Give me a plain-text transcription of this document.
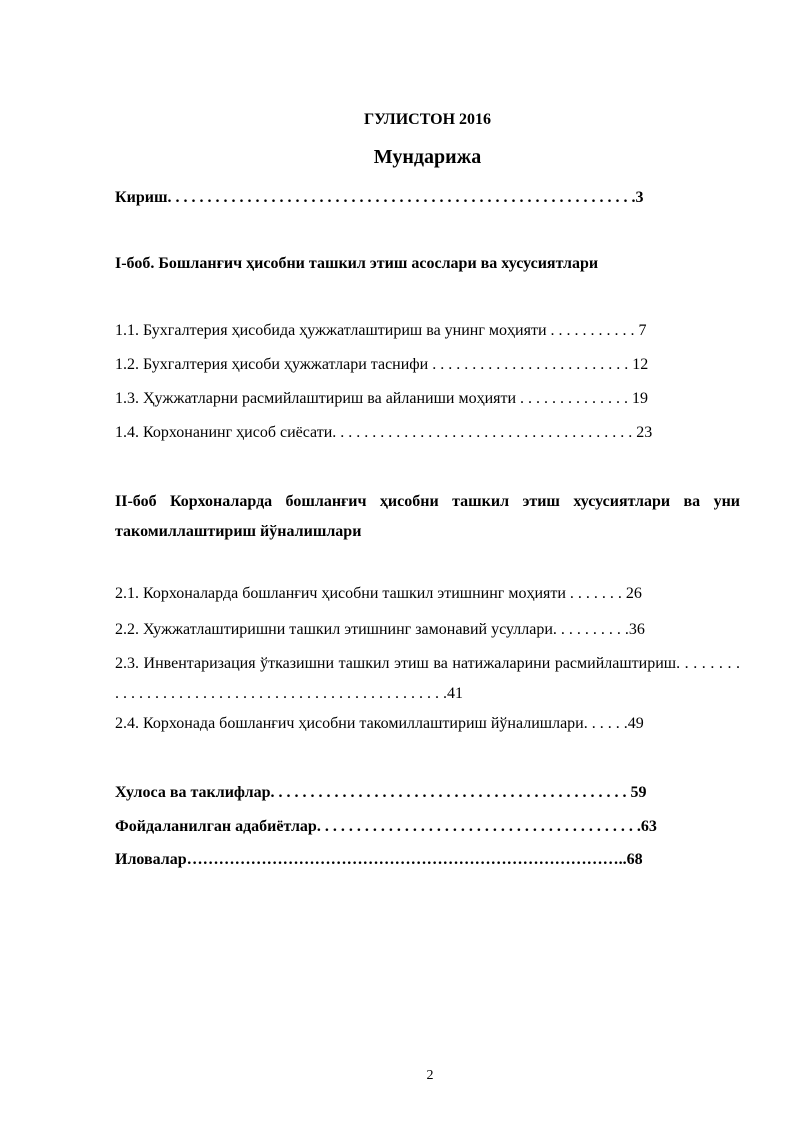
ГУЛИСТОН 2016
Мундарижа
Кириш. . . . . . . . . . . . . . . . . . . . . . . . . . . . . . . . . . . . . . . . . . . . . . . . . . . . . . . . . . .3
I-боб. Бошланғич ҳисобни ташкил этиш асослари ва хусусиятлари
1.1. Бухгалтерия ҳисобида ҳужжатлаштириш ва унинг моҳияти . . . . . . . . . . . 7
1.2. Бухгалтерия ҳисоби ҳужжатлари таснифи . . . . . . . . . . . . . . . . . . . . . . . . . 12
1.3. Ҳужжатларни расмийлаштириш ва айланиши моҳияти . . . . . . . . . . . . . . 19
1.4. Корхонанинг ҳисоб сиёсати. . . . . . . . . . . . . . . . . . . . . . . . . . . . . . . . . . . . . . 23
II-боб Корхоналарда бошланғич ҳисобни ташкил этиш хусусиятлари ва уни такомиллаштириш йўналишлари
2.1. Корхоналарда бошланғич ҳисобни ташкил этишнинг моҳияти . . . . . . . 26
2.2. Хужжатлаштиришни ташкил этишнинг замонавий усуллари. . . . . . . . . .36
2.3. Инвентаризация ўтказишни ташкил этиш ва натижаларини расмийлаштириш. . . . . . . . . . . . . . . . . . . . . . . . . . . . . . . . . . . . . . . . . . . . . . . . . .41
2.4. Корхонада бошланғич ҳисобни такомиллаштириш йўналишлари. . . . . .49
Хулоса ва таклифлар. . . . . . . . . . . . . . . . . . . . . . . . . . . . . . . . . . . . . . . . . . . . . 59
Фойдаланилган адабиётлар. . . . . . . . . . . . . . . . . . . . . . . . . . . . . . . . . . . . . . . . .63
Иловалар………………………………………………………………………..68
2
